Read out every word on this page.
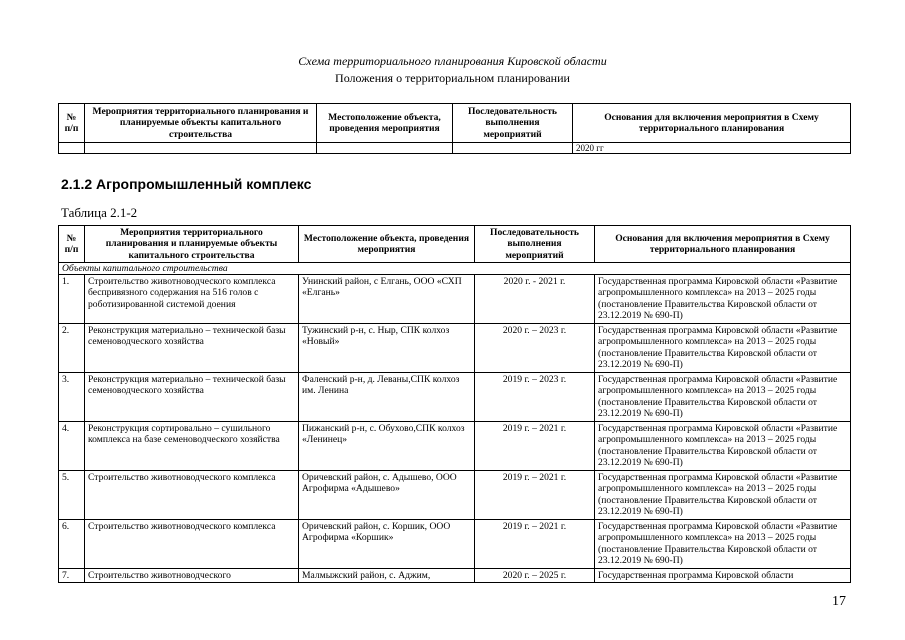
Схема территориального планирования Кировской области
Положения о территориальном планировании
№ п/п	Мероприятия территориального планирования и планируемые объекты капитального строительства	Местоположение объекта, проведения мероприятия	Последовательность выполнения мероприятий	Основания для включения мероприятия в Схему территориального планирования
				2020 гг
2.1.2 Агропромышленный комплекс
Таблица 2.1-2
№ п/п	Мероприятия территориального планирования и планируемые объекты капитального строительства	Местоположение объекта, проведения мероприятия	Последовательность выполнения мероприятий	Основания для включения мероприятия в Схему территориального планирования
Объекты капитального строительства				
1.	Строительство животноводческого комплекса беспривязного содержания на 516 голов с роботизированной системой доения	Унинский район, с Елгань, ООО «СХП «Елгань»	2020 г. - 2021 г.	Государственная программа Кировской области «Развитие агропромышленного комплекса» на 2013 – 2025 годы (постановление Правительства Кировской области от 23.12.2019 № 690-П)
2.	Реконструкция материально – технической базы семеноводческого хозяйства	Тужинский р-н, с. Ныр, СПК колхоз «Новый»	2020 г. – 2023 г.	Государственная программа Кировской области «Развитие агропромышленного комплекса» на 2013 – 2025 годы (постановление Правительства Кировской области от 23.12.2019 № 690-П)
3.	Реконструкция материально – технической базы семеноводческого хозяйства	Фаленский р-н, д. Леваны,СПК колхоз им. Ленина	2019 г. – 2023 г.	Государственная программа Кировской области «Развитие агропромышленного комплекса» на 2013 – 2025 годы (постановление Правительства Кировской области от 23.12.2019 № 690-П)
4.	Реконструкция сортировально – сушильного комплекса на базе семеноводческого хозяйства	Пижанский р-н, с. Обухово,СПК колхоз «Ленинец»	2019 г. – 2021 г.	Государственная программа Кировской области «Развитие агропромышленного комплекса» на 2013 – 2025 годы (постановление Правительства Кировской области от 23.12.2019 № 690-П)
5.	Строительство животноводческого комплекса	Оричевский район, с. Адышево, ООО Агрофирма «Адышево»	2019 г. – 2021 г.	Государственная программа Кировской области «Развитие агропромышленного комплекса» на 2013 – 2025 годы (постановление Правительства Кировской области от 23.12.2019 № 690-П)
6.	Строительство животноводческого комплекса	Оричевский район, с. Коршик, ООО Агрофирма «Коршик»	2019 г. – 2021 г.	Государственная программа Кировской области «Развитие агропромышленного комплекса» на 2013 – 2025 годы (постановление Правительства Кировской области от 23.12.2019 № 690-П)
7.	Строительство животноводческого	Малмыжский район, с. Аджим,	2020 г. – 2025 г.	Государственная программа Кировской области
17
